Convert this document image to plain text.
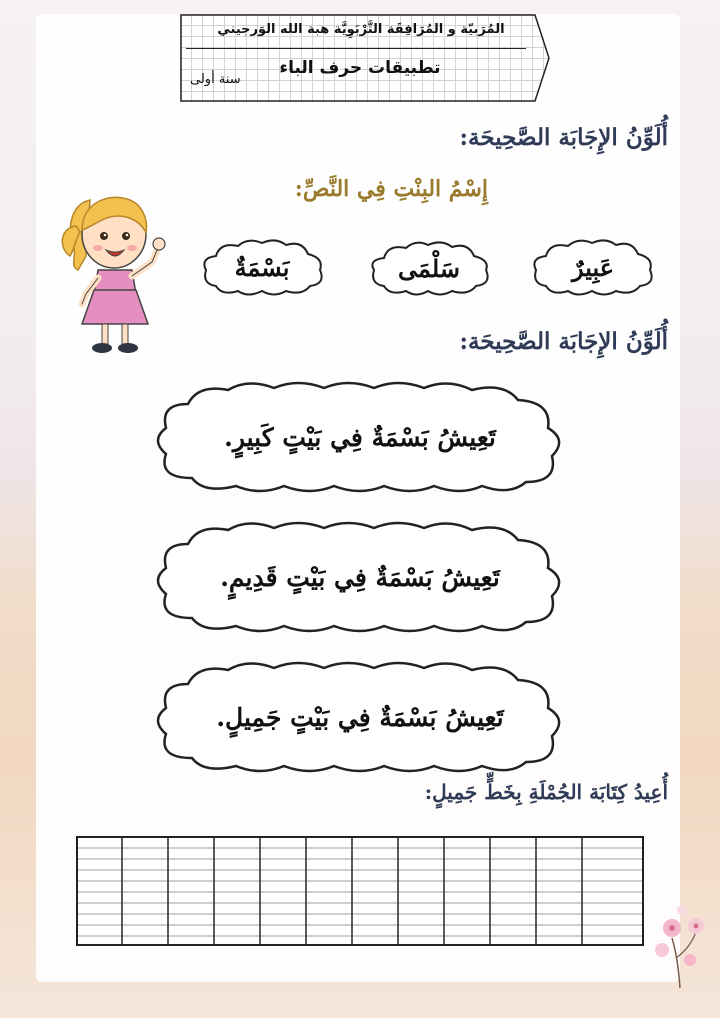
المُرَبيّة و المُرَافِقَة التَّرْبَوِيَّة هبة الله الوَرجيني
تطبيقات حرف الباء
سنة أولى
أُلَوِّنُ الإِجَابَة الصَّحِيحَة:
إِسْمُ البِنْتِ فِي النَّصِّ:
عَبِيرٌ
سَلْمَى
بَسْمَةٌ
أُلَوِّنُ الإِجَابَة الصَّحِيحَة:
تَعِيشُ بَسْمَةٌ فِي بَيْتٍ كَبِيرٍ.
تَعِيشُ بَسْمَةٌ فِي بَيْتٍ قَدِيمٍ.
تَعِيشُ بَسْمَةٌ فِي بَيْتٍ جَمِيلٍ.
أُعِيدُ كِتَابَة الجُمْلَةِ بِخَطٍّ جَمِيلٍ:
